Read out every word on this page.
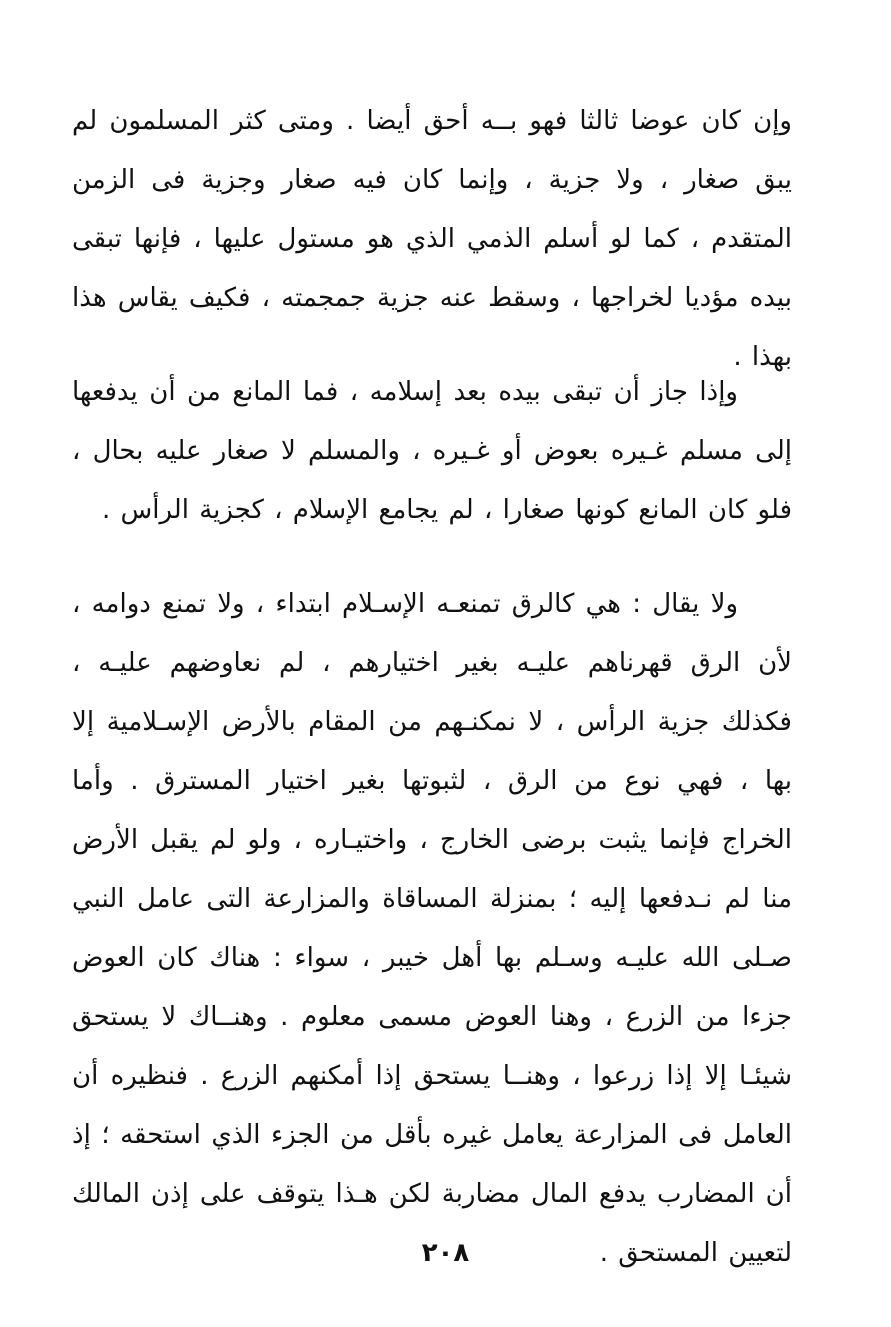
وإن كان عوضا ثالثا فهو بــه أحق أيضا . ومتى كثر المسلمون لم يبق صغار ، ولا جزية ، وإنما كان فيه صغار وجزية فى الزمن المتقدم ، كما لو أسلم الذمي الذي هو مستول عليها ، فإنها تبقى بيده مؤديا لخراجها ، وسقط عنه جزية جمجمته ، فكيف يقاس هذا بهذا .

وإذا جاز أن تبقى بيده بعد إسلامه ، فما المانع من أن يدفعها إلى مسلم غـيره بعوض أو غـيره ، والمسلم لا صغار عليه بحال ، فلو كان المانع كونها صغارا ، لم يجامع الإسلام ، كجزية الرأس .

ولا يقال : هي كالرق تمنعـه الإسـلام ابتداء ، ولا تمنع دوامه ، لأن الرق قهرناهم عليـه بغير اختيارهم ، لم نعاوضهم عليـه ، فكذلك جزية الرأس ، لا نمكنـهم من المقام بالأرض الإسـلامية إلا بها ، فهي نوع من الرق ، لثبوتها بغير اختيار المسترق . وأما الخراج فإنما يثبت برضى الخارج ، واختيـاره ، ولو لم يقبل الأرض منا لم نـدفعها إليه ؛ بمنزلة المساقاة والمزارعة التى عامل النبي صـلى الله عليـه وسـلم بها أهل خيبر ، سواء : هناك كان العوض جزءا من الزرع ، وهنا العوض مسمى معلوم . وهنــاك لا يستحق شيئـا إلا إذا زرعوا ، وهنــا يستحق إذا أمكنهم الزرع . فنظيره أن العامل فى المزارعة يعامل غيره بأقل من الجزء الذي استحقه ؛ إذ أن المضارب يدفع المال مضاربة لكن هـذا يتوقف على إذن المالك لتعيين المستحق .

٢٠٨
